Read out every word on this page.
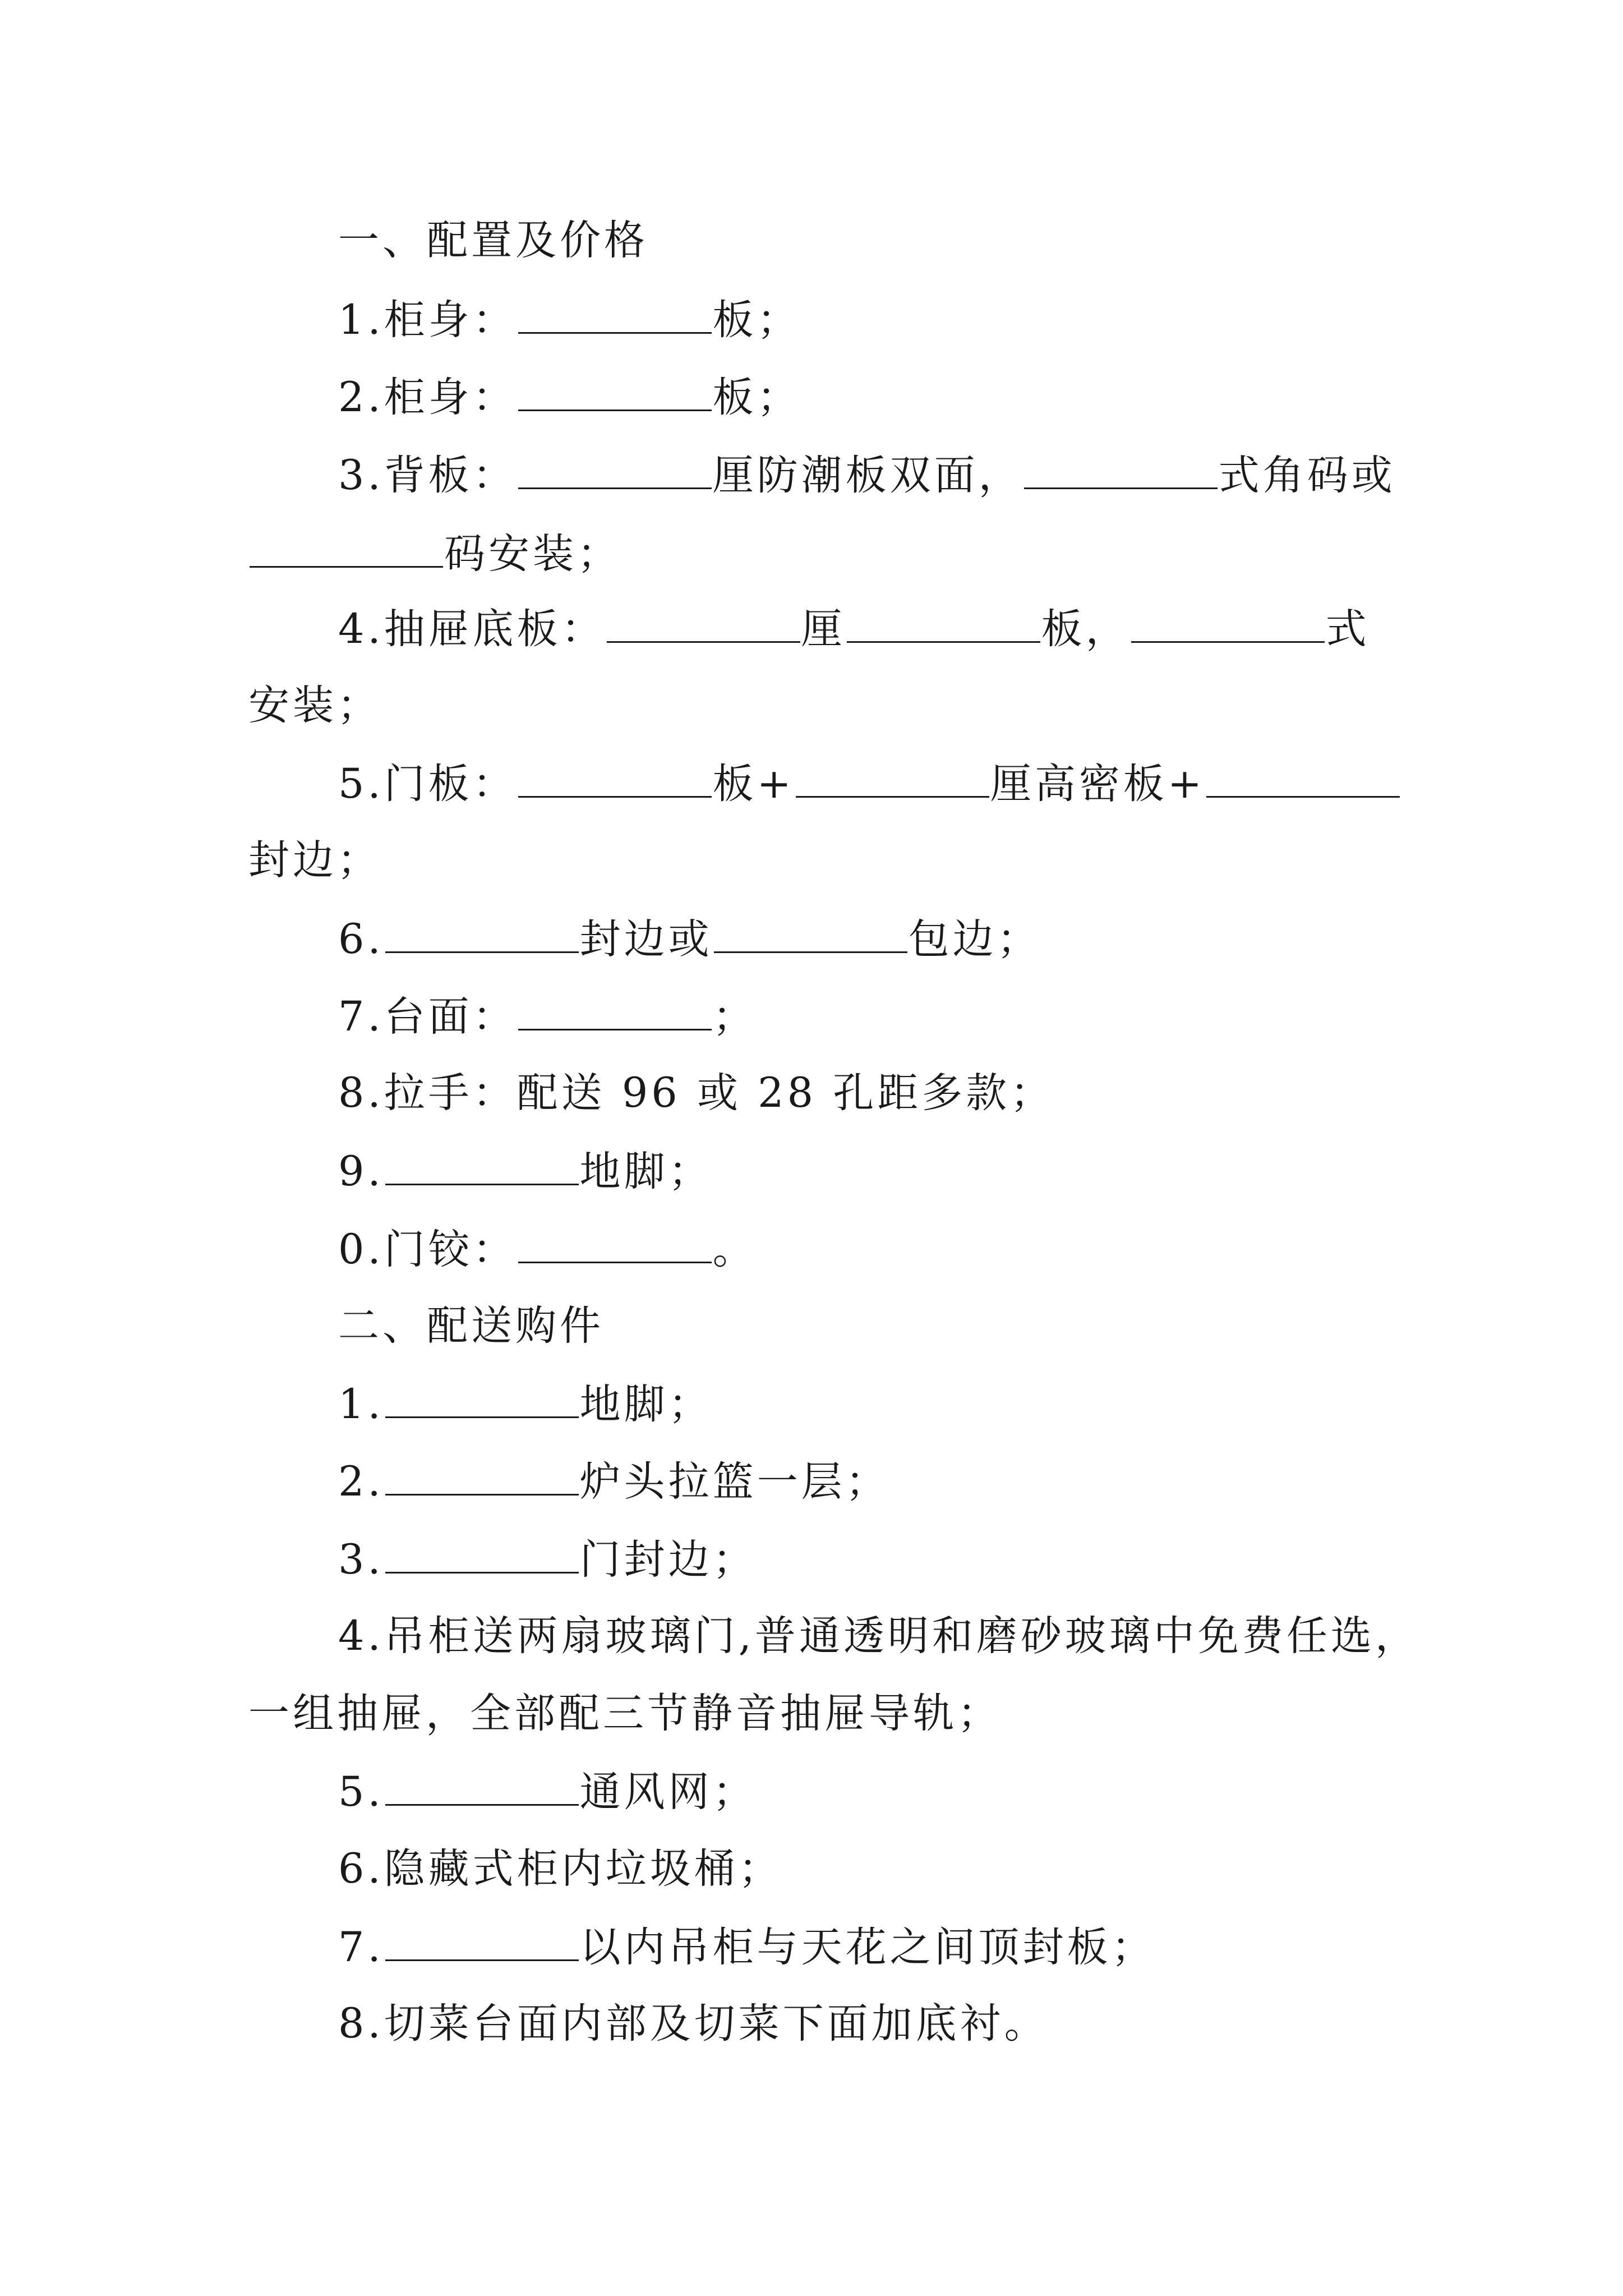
一、配置及价格
1.柜身：	板；
2.柜身：	板；
3.背板：	厘防潮板双面，	式角码或
码安装；
4.抽屉底板：	厘	板，	式
安装；
5.门板：	板+	厘高密板+
封边；
6.	封边或	包边；
7.台面：	；
8.拉手：配送 96 或 28 孔距多款；
9.	地脚；
0.门铰：	。
二、配送购件
1.	地脚；
2.	炉头拉篮一层；
3.	门封边；
4.吊柜送两扇玻璃门,普通透明和磨砂玻璃中免费任选，
一组抽屉，全部配三节静音抽屉导轨；
5.	通风网；
6.隐藏式柜内垃圾桶；
7.	以内吊柜与天花之间顶封板；
8.切菜台面内部及切菜下面加底衬。
